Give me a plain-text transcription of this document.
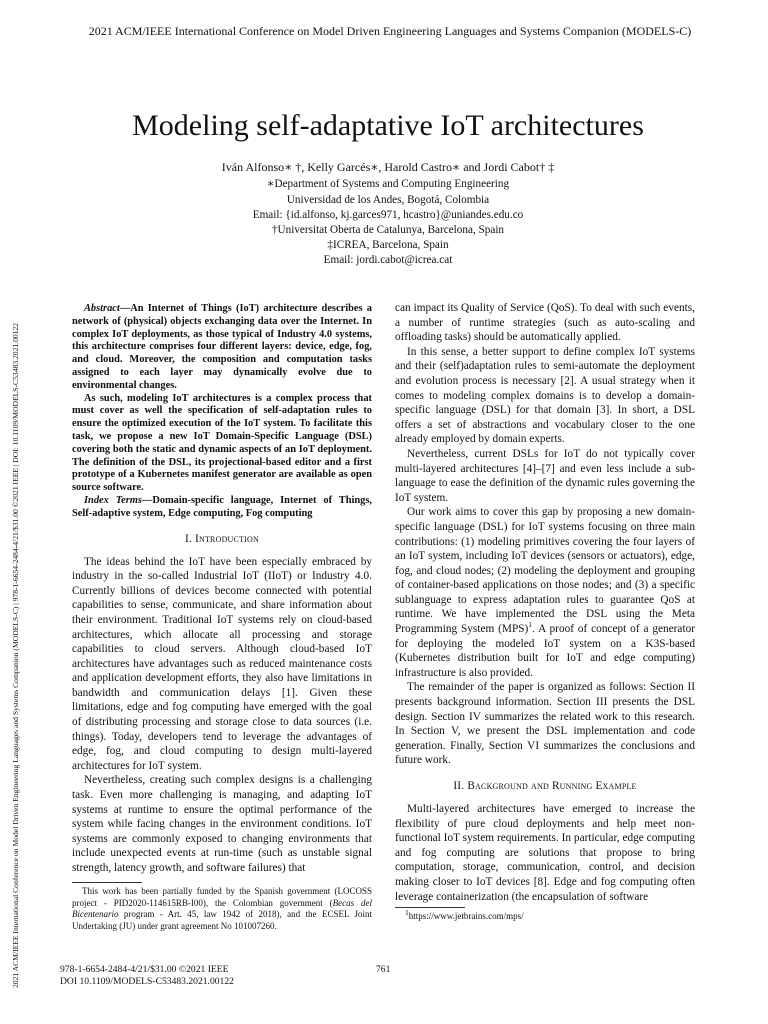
2021 ACM/IEEE International Conference on Model Driven Engineering Languages and Systems Companion (MODELS-C)
2021 ACM/IEEE International Conference on Model Driven Engineering Languages and Systems Companion (MODELS-C) | 978-1-6654-2484-4/21/$31.00 ©2021 IEEE | DOI: 10.1109/MODELS-C53483.2021.00122
Modeling self-adaptative IoT architectures
Iván Alfonso∗ †, Kelly Garcés∗, Harold Castro∗ and Jordi Cabot† ‡
∗Department of Systems and Computing Engineering
Universidad de los Andes, Bogotá, Colombia
Email: {id.alfonso, kj.garces971, hcastro}@uniandes.edu.co
†Universitat Oberta de Catalunya, Barcelona, Spain
‡ICREA, Barcelona, Spain
Email: jordi.cabot@icrea.cat

Abstract—An Internet of Things (IoT) architecture describes a network of (physical) objects exchanging data over the Internet. In complex IoT deployments, as those typical of Industry 4.0 systems, this architecture comprises four different layers: device, edge, fog, and cloud. Moreover, the composition and computation tasks assigned to each layer may dynamically evolve due to environmental changes.

As such, modeling IoT architectures is a complex process that must cover as well the specification of self-adaptation rules to ensure the optimized execution of the IoT system. To facilitate this task, we propose a new IoT Domain-Specific Language (DSL) covering both the static and dynamic aspects of an IoT deployment. The definition of the DSL, its projectional-based editor and a first prototype of a Kubernetes manifest generator are available as open source software.

Index Terms—Domain-specific language, Internet of Things, Self-adaptive system, Edge computing, Fog computing

I. Introduction

The ideas behind the IoT have been especially embraced by industry in the so-called Industrial IoT (IIoT) or Industry 4.0. Currently billions of devices become connected with potential capabilities to sense, communicate, and share information about their environment. Traditional IoT systems rely on cloud-based architectures, which allocate all processing and storage capabilities to cloud servers. Although cloud-based IoT architectures have advantages such as reduced maintenance costs and application development efforts, they also have limitations in bandwidth and communication delays [1]. Given these limitations, edge and fog computing have emerged with the goal of distributing processing and storage close to data sources (i.e. things). Today, developers tend to leverage the advantages of edge, fog, and cloud computing to design multi-layered architectures for IoT system.

Nevertheless, creating such complex designs is a challenging task. Even more challenging is managing, and adapting IoT systems at runtime to ensure the optimal performance of the system while facing changes in the environment conditions. IoT systems are commonly exposed to changing environments that include unexpected events at run-time (such as unstable signal strength, latency growth, and software failures) that

This work has been partially funded by the Spanish government (LOCOSS project - PID2020-114615RB-I00), the Colombian government (Becas del Bicentenario program - Art. 45, law 1942 of 2018), and the ECSEL Joint Undertaking (JU) under grant agreement No 101007260.

can impact its Quality of Service (QoS). To deal with such events, a number of runtime strategies (such as auto-scaling and offloading tasks) should be automatically applied.

In this sense, a better support to define complex IoT systems and their (self)adaptation rules to semi-automate the deployment and evolution process is necessary [2]. A usual strategy when it comes to modeling complex domains is to develop a domain-specific language (DSL) for that domain [3]. In short, a DSL offers a set of abstractions and vocabulary closer to the one already employed by domain experts.

Nevertheless, current DSLs for IoT do not typically cover multi-layered architectures [4]–[7] and even less include a sub-language to ease the definition of the dynamic rules governing the IoT system.

Our work aims to cover this gap by proposing a new domain-specific language (DSL) for IoT systems focusing on three main contributions: (1) modeling primitives covering the four layers of an IoT system, including IoT devices (sensors or actuators), edge, fog, and cloud nodes; (2) modeling the deployment and grouping of container-based applications on those nodes; and (3) a specific sublanguage to express adaptation rules to guarantee QoS at runtime. We have implemented the DSL using the Meta Programming System (MPS)$^1$. A proof of concept of a generator for deploying the modeled IoT system on a K3S-based (Kubernetes distribution built for IoT and edge computing) infrastructure is also provided.

The remainder of the paper is organized as follows: Section II presents background information. Section III presents the DSL design. Section IV summarizes the related work to this research. In Section V, we present the DSL implementation and code generation. Finally, Section VI summarizes the conclusions and future work.

II. Background and Running Example

Multi-layered architectures have emerged to increase the flexibility of pure cloud deployments and help meet non-functional IoT system requirements. In particular, edge computing and fog computing are solutions that propose to bring computation, storage, communication, control, and decision making closer to IoT devices [8]. Edge and fog computing often leverage containerization (the encapsulation of software

$^1$https://www.jetbrains.com/mps/

978-1-6654-2484-4/21/$31.00 ©2021 IEEE
DOI 10.1109/MODELS-C53483.2021.00122
761
